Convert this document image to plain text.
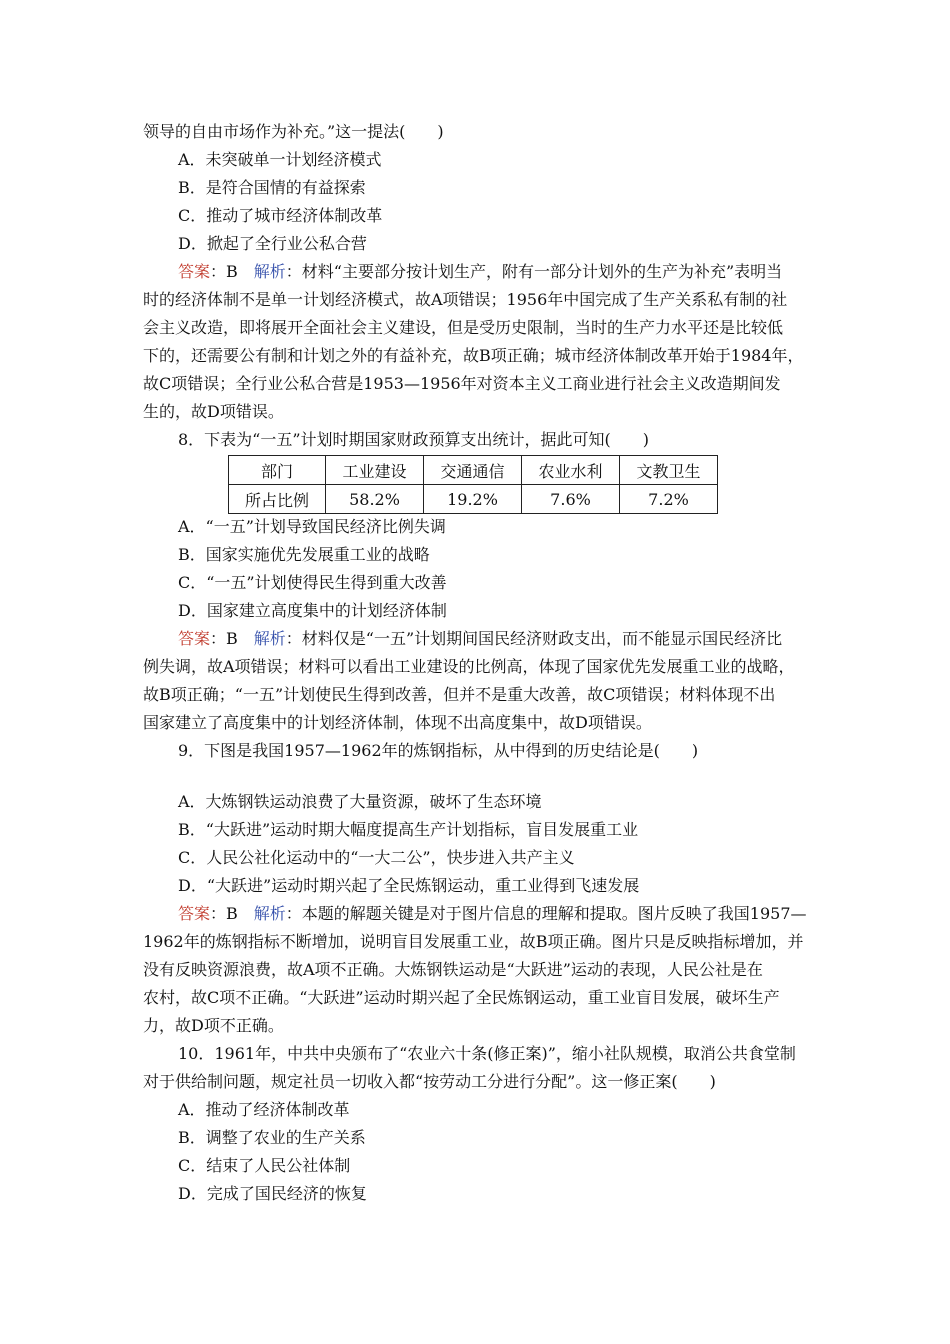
领导的自由市场作为补充。”这一提法(　　)
A．未突破单一计划经济模式
B．是符合国情的有益探索
C．推动了城市经济体制改革
D．掀起了全行业公私合营
答案：B　解析：材料“主要部分按计划生产，附有一部分计划外的生产为补充”表明当
时的经济体制不是单一计划经济模式，故A项错误；1956年中国完成了生产关系私有制的社
会主义改造，即将展开全面社会主义建设，但是受历史限制，当时的生产力水平还是比较低
下的，还需要公有制和计划之外的有益补充，故B项正确；城市经济体制改革开始于1984年，
故C项错误；全行业公私合营是1953—1956年对资本主义工商业进行社会主义改造期间发
生的，故D项错误。
8．下表为“一五”计划时期国家财政预算支出统计，据此可知(　　)
部门	工业建设	交通通信	农业水利	文教卫生
所占比例	58.2%	19.2%	7.6%	7.2%
A．“一五”计划导致国民经济比例失调
B．国家实施优先发展重工业的战略
C．“一五”计划使得民生得到重大改善
D．国家建立高度集中的计划经济体制
答案：B　解析：材料仅是“一五”计划期间国民经济财政支出，而不能显示国民经济比
例失调，故A项错误；材料可以看出工业建设的比例高，体现了国家优先发展重工业的战略，
故B项正确；“一五”计划使民生得到改善，但并不是重大改善，故C项错误；材料体现不出
国家建立了高度集中的计划经济体制，体现不出高度集中，故D项错误。
9．下图是我国1957—1962年的炼钢指标，从中得到的历史结论是(　　)
A．大炼钢铁运动浪费了大量资源，破坏了生态环境
B．“大跃进”运动时期大幅度提高生产计划指标，盲目发展重工业
C．人民公社化运动中的“一大二公”，快步进入共产主义
D．“大跃进”运动时期兴起了全民炼钢运动，重工业得到飞速发展
答案：B　解析：本题的解题关键是对于图片信息的理解和提取。图片反映了我国1957—
1962年的炼钢指标不断增加，说明盲目发展重工业，故B项正确。图片只是反映指标增加，并
没有反映资源浪费，故A项不正确。大炼钢铁运动是“大跃进”运动的表现，人民公社是在
农村，故C项不正确。“大跃进”运动时期兴起了全民炼钢运动，重工业盲目发展，破坏生产
力，故D项不正确。
10．1961年，中共中央颁布了“农业六十条(修正案)”，缩小社队规模，取消公共食堂制
对于供给制问题，规定社员一切收入都“按劳动工分进行分配”。这一修正案(　　)
A．推动了经济体制改革
B．调整了农业的生产关系
C．结束了人民公社体制
D．完成了国民经济的恢复
